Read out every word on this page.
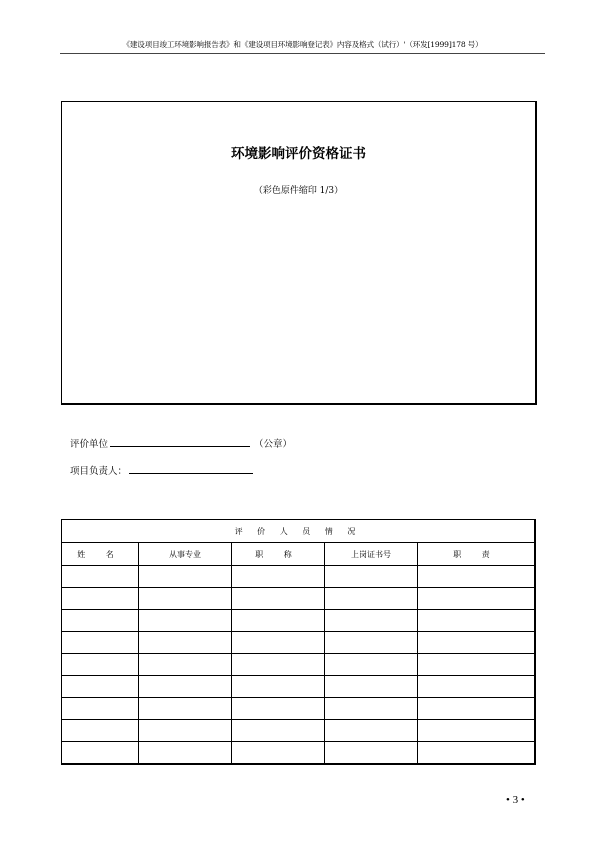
《建设项目竣工环境影响报告表》和《建设项目环境影响登记表》内容及格式（试行）'（环发[1999]178 号）
环境影响评价资格证书
（彩色原件缩印 1/3）
评价单位	（公章）
项目负责人：
评 价 人 员 情 况				
姓 名	从事专业	职 称	上岗证书号	职 责

• 3 •
